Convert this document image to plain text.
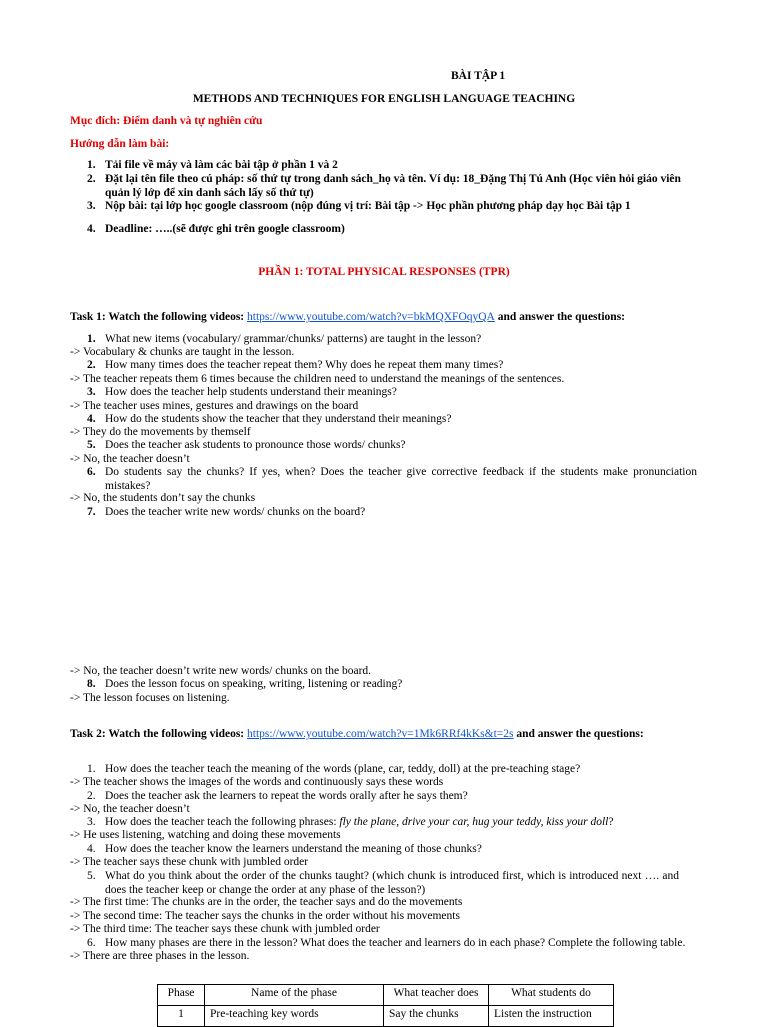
BÀI TẬP 1
METHODS AND TECHNIQUES FOR ENGLISH LANGUAGE TEACHING
Mục đích: Điểm danh và tự nghiên cứu
Hướng dẫn làm bài:
1. Tải file về máy và làm các bài tập ở phần 1 và 2
2. Đặt lại tên file theo cú pháp: số thứ tự trong danh sách_họ và tên. Ví dụ: 18_Đặng Thị Tú Anh (Học viên hỏi giáo viên quản lý lớp để xin danh sách lấy số thứ tự)
3. Nộp bài: tại lớp học google classroom (nộp đúng vị trí: Bài tập -> Học phần phương pháp dạy học Bài tập 1
4. Deadline: …..(sẽ được ghi trên google classroom)
PHẦN 1: TOTAL PHYSICAL RESPONSES (TPR)
Task 1: Watch the following videos: https://www.youtube.com/watch?v=bkMQXFOqyQA and answer the questions:
1. What new items (vocabulary/ grammar/chunks/ patterns) are taught in the lesson?
-> Vocabulary & chunks are taught in the lesson.
2. How many times does the teacher repeat them? Why does he repeat them many times?
-> The teacher repeats them 6 times because the children need to understand the meanings of the sentences.
3. How does the teacher help students understand their meanings?
-> The teacher uses mines, gestures and drawings on the board
4. How do the students show the teacher that they understand their meanings?
-> They do the movements by themself
5. Does the teacher ask students to pronounce those words/ chunks?
-> No, the teacher doesn’t
6. Do students say the chunks? If yes, when? Does the teacher give corrective feedback if the students make pronunciation mistakes?
-> No, the students don’t say the chunks
7. Does the teacher write new words/ chunks on the board?
-> No, the teacher doesn’t write new words/ chunks on the board.
8. Does the lesson focus on speaking, writing, listening or reading?
-> The lesson focuses on listening.
Task 2: Watch the following videos: https://www.youtube.com/watch?v=1Mk6RRf4kKs&t=2s and answer the questions:
1. How does the teacher teach the meaning of the words (plane, car, teddy, doll) at the pre-teaching stage?
-> The teacher shows the images of the words and continuously says these words
2. Does the teacher ask the learners to repeat the words orally after he says them?
-> No, the teacher doesn’t
3. How does the teacher teach the following phrases: fly the plane, drive your car, hug your teddy, kiss your doll?
-> He uses listening, watching and doing these movements
4. How does the teacher know the learners understand the meaning of those chunks?
-> The teacher says these chunk with jumbled order
5. What do you think about the order of the chunks taught? (which chunk is introduced first, which is introduced next …. and does the teacher keep or change the order at any phase of the lesson?)
-> The first time: The chunks are in the order, the teacher says and do the movements
-> The second time: The teacher says the chunks in the order without his movements
-> The third time: The teacher says these chunk with jumbled order
6. How many phases are there in the lesson? What does the teacher and learners do in each phase? Complete the following table.
-> There are three phases in the lesson.
Phase	Name of the phase	What teacher does	What students do
1	Pre-teaching key words	Say the chunks	Listen the instruction
